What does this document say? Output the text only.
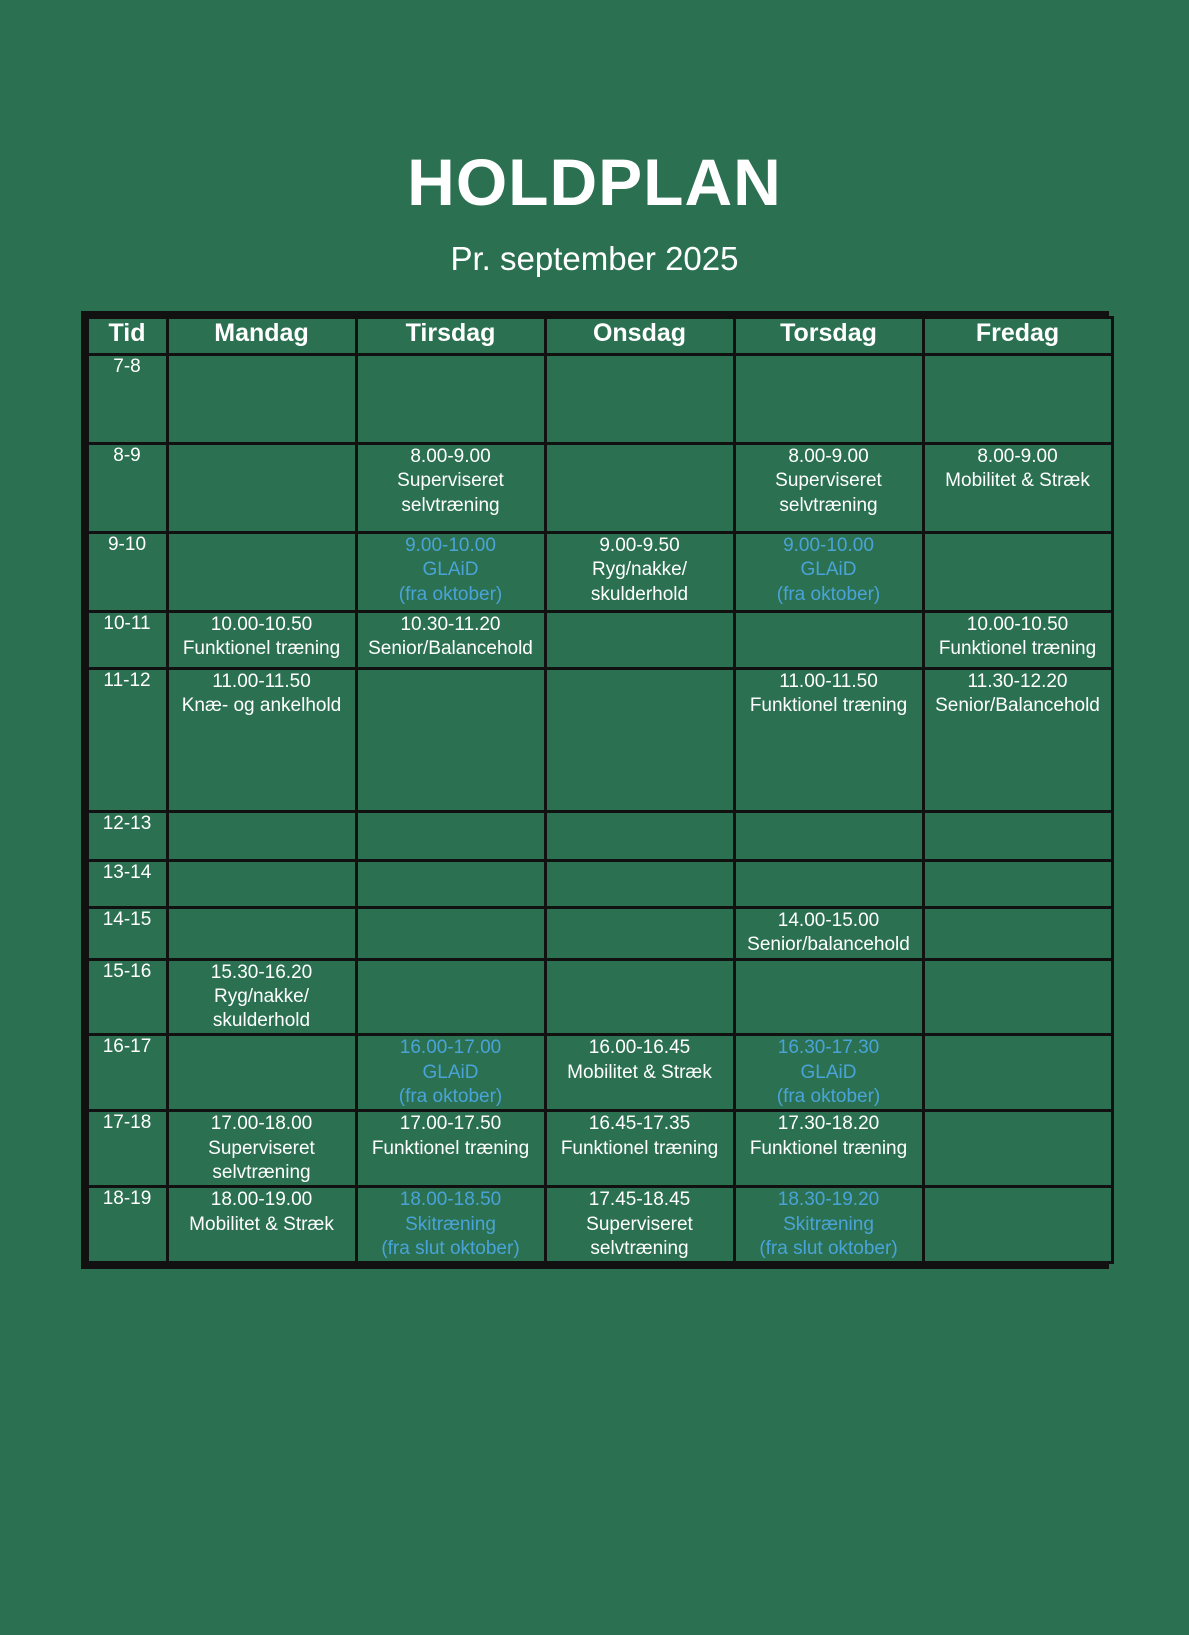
HOLDPLAN
Pr. september 2025
Tid	Mandag	Tirsdag	Onsdag	Torsdag	Fredag
7-8					
8-9		8.00-9.00
Superviseret
selvtræning		8.00-9.00
Superviseret
selvtræning	8.00-9.00
Mobilitet & Stræk

9-10		9.00-10.00
GLAiD
(fra oktober)	9.00-9.50
Ryg/nakke/
skulderhold	9.00-10.00
GLAiD
(fra oktober)	

10-11	10.00-10.50
Funktionel træning	10.30-11.20
Senior/Balancehold			10.00-10.50
Funktionel træning

11-12	11.00-11.50
Knæ- og ankelhold			11.00-11.50
Funktionel træning	11.30-12.20
Senior/Balancehold

12-13					
13-14					
14-15				14.00-15.00
Senior/balancehold	

15-16	15.30-16.20
Ryg/nakke/
skulderhold				

16-17		16.00-17.00
GLAiD
(fra oktober)	16.00-16.45
Mobilitet & Stræk	16.30-17.30
GLAiD
(fra oktober)	

17-18	17.00-18.00
Superviseret
selvtræning	17.00-17.50
Funktionel træning	16.45-17.35
Funktionel træning	17.30-18.20
Funktionel træning	

18-19	18.00-19.00
Mobilitet & Stræk	18.00-18.50
Skitræning
(fra slut oktober)	17.45-18.45
Superviseret
selvtræning	18.30-19.20
Skitræning
(fra slut oktober)	
